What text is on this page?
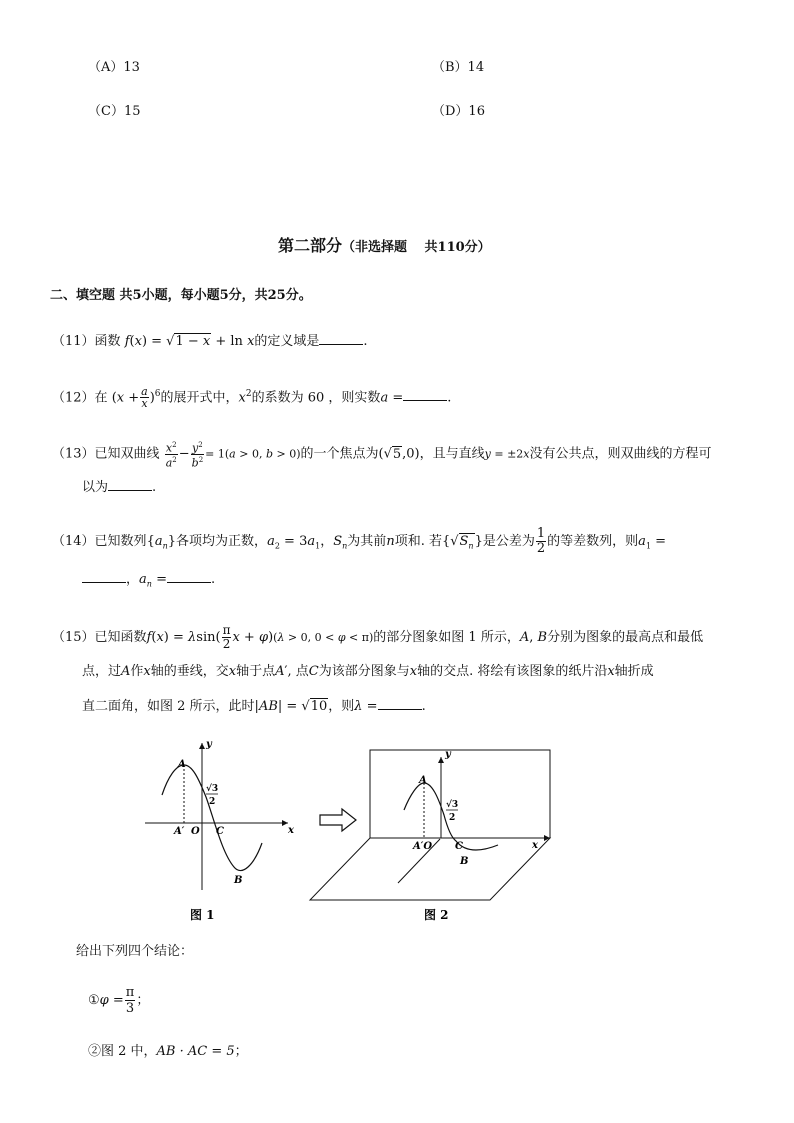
（A）13	（B）14
（C）15	（D）16
第二部分（非选择题　 共110分）
二、填空题 共5小题，每小题5分，共25分。
（11）函数 f(x) = √1 − x + ln x的定义域是	.
（12）在 $(x + \frac{a}{x} )^6$的展开式中，$x^2$的系数为 60 ，则实数a =	.
（13）已知双曲线 $\frac{x^2}{a^2} - \frac{y^2}{b^2} = 1(a > 0$, b > 0)的一个焦点为(√5,0)，且与直线y = ±2x没有公共点，则双曲线的方程可
以为	.
（14）已知数列$\{a_n\}$各项均为正数，$a_2 = 3a_1$，$S_n$为其前n项和. 若$\{√S_n\}$是公差为 $\frac{1}{2}$ 的等差数列，则$a_1$ =
，$a_n$ =	.
（15）已知函数$f(x) = \lambda\sin( \frac{\pi}{2}$ x + φ)(λ > 0, 0 < φ < π)的部分图象如图 1 所示，A, B分别为图象的最高点和最低
点，过A作x轴的垂线，交x轴于点A′, 点C为该部分图象与x轴的交点. 将绘有该图象的纸片沿x轴折成
直二面角，如图 2 所示，此时|AB| = √10，则λ =	.
y
x
A
A′ O C
B
√3
2
图 1
y
x
A
A′O C
B
√3
2
图 2
给出下列四个结论：
①φ = $\frac{\pi}{3}$ ；
②图 2 中，AB · AC = 5；
